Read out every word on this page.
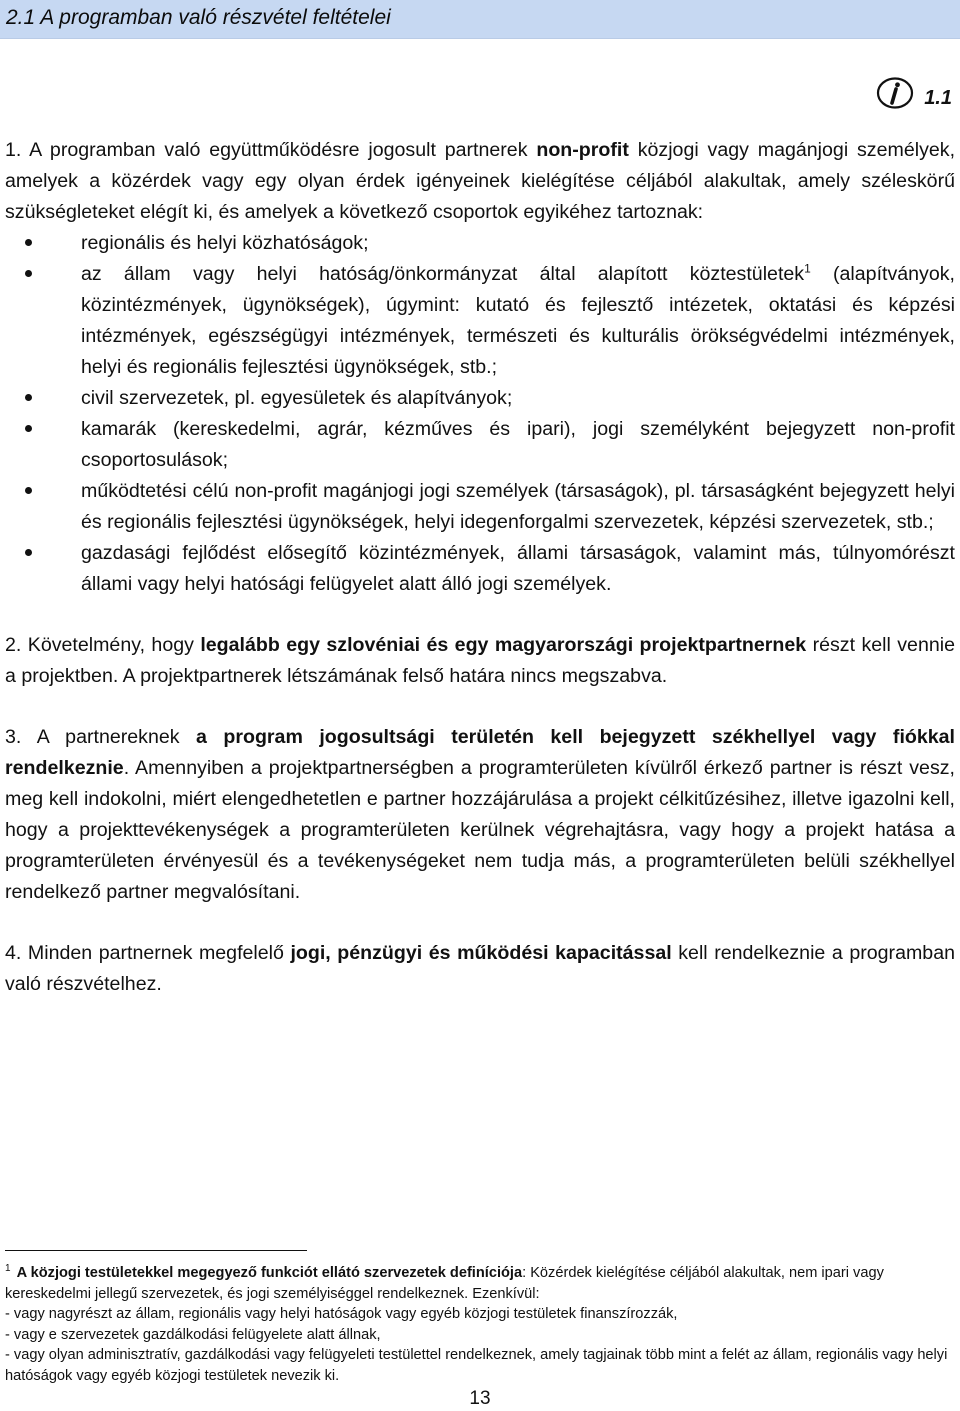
2.1 A programban való részvétel feltételei
1.1

1. A programban való együttműködésre jogosult partnerek non-profit közjogi vagy magánjogi személyek, amelyek a közérdek vagy egy olyan érdek igényeinek kielégítése céljából alakultak, amely széleskörű szükségleteket elégít ki, és amelyek a következő csoportok egyikéhez tartoznak:

regionális és helyi közhatóságok;
az állam vagy helyi hatóság/önkormányzat által alapított köztestületek$^1$ (alapítványok, közintézmények, ügynökségek), úgymint: kutató és fejlesztő intézetek, oktatási és képzési intézmények, egészségügyi intézmények, természeti és kulturális örökségvédelmi intézmények, helyi és regionális fejlesztési ügynökségek, stb.;
civil szervezetek, pl. egyesületek és alapítványok;
kamarák (kereskedelmi, agrár, kézműves és ipari), jogi személyként bejegyzett non-profit csoportosulások;
működtetési célú non-profit magánjogi jogi személyek (társaságok), pl. társaságként bejegyzett helyi és regionális fejlesztési ügynökségek, helyi idegenforgalmi szervezetek, képzési szervezetek, stb.;
gazdasági fejlődést elősegítő közintézmények, állami társaságok, valamint más, túlnyomórészt állami vagy helyi hatósági felügyelet alatt álló jogi személyek.

2. Követelmény, hogy legalább egy szlovéniai és egy magyarországi projektpartnernek részt kell vennie a projektben. A projektpartnerek létszámának felső határa nincs megszabva.

3. A partnereknek a program jogosultsági területén kell bejegyzett székhellyel vagy fiókkal rendelkeznie. Amennyiben a projektpartnerségben a programterületen kívülről érkező partner is részt vesz, meg kell indokolni, miért elengedhetetlen e partner hozzájárulása a projekt célkitűzésihez, illetve igazolni kell, hogy a projekttevékenységek a programterületen kerülnek végrehajtásra, vagy hogy a projekt hatása a programterületen érvényesül és a tevékenységeket nem tudja más, a programterületen belüli székhellyel rendelkező partner megvalósítani.

4. Minden partnernek megfelelő jogi, pénzügyi és működési kapacitással kell rendelkeznie a programban való részvételhez.

$^1$ A közjogi testületekkel megegyező funkciót ellátó szervezetek definíciója: Közérdek kielégítése céljából alakultak, nem ipari vagy kereskedelmi jellegű szervezetek, és jogi személyiséggel rendelkeznek. Ezenkívül:

- vagy nagyrészt az állam, regionális vagy helyi hatóságok vagy egyéb közjogi testületek finanszírozzák,

- vagy e szervezetek gazdálkodási felügyelete alatt állnak,

- vagy olyan adminisztratív, gazdálkodási vagy felügyeleti testülettel rendelkeznek, amely tagjainak több mint a felét az állam, regionális vagy helyi hatóságok vagy egyéb közjogi testületek nevezik ki.

13
